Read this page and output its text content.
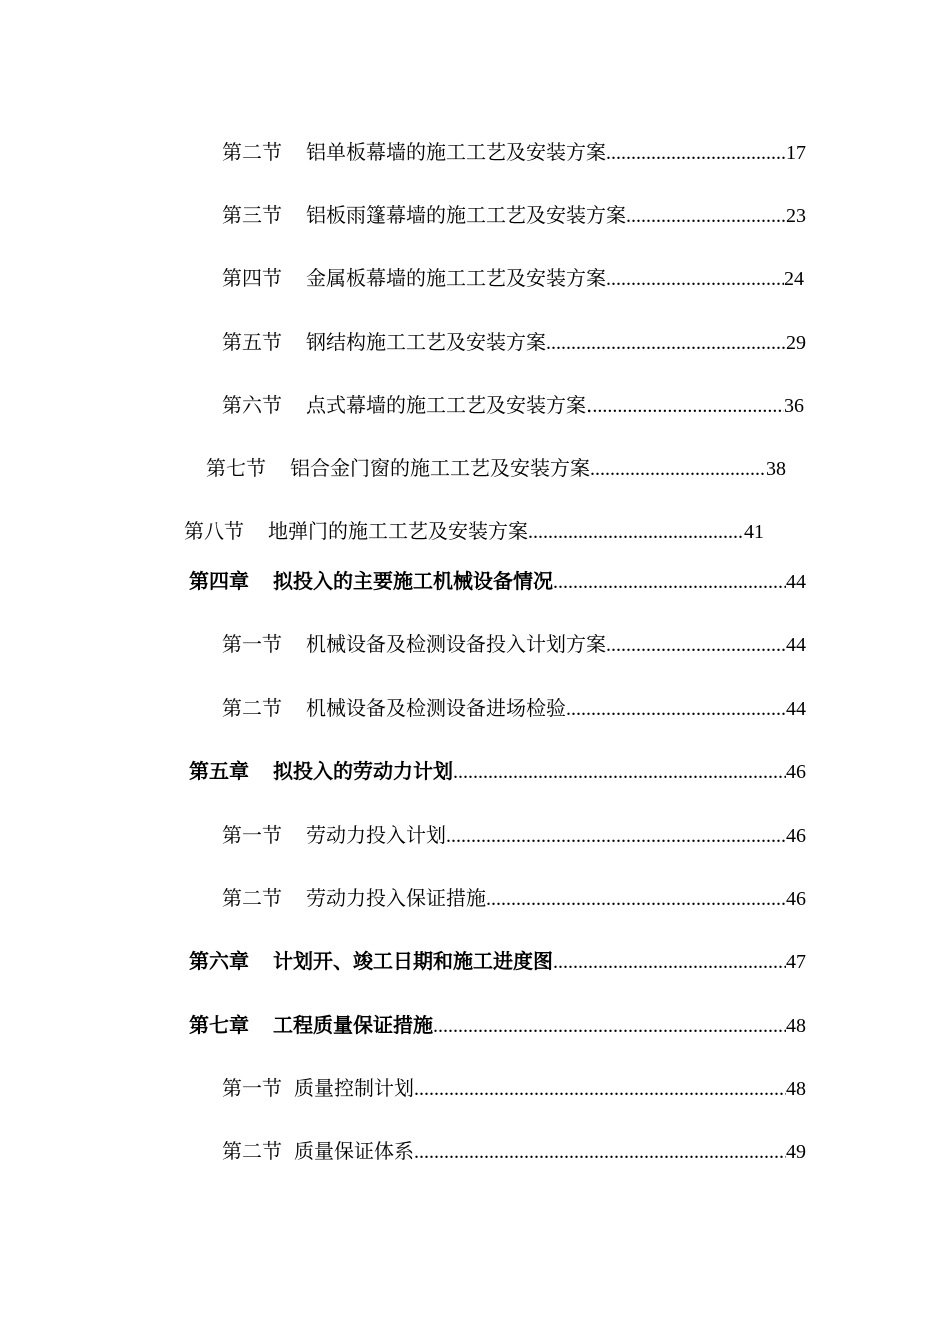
第二节 铝单板幕墙的施工工艺及安装方案 .....	17
第三节 铝板雨篷幕墙的施工工艺及安装方案 .....	23
第四节 金属板幕墙的施工工艺及安装方案 .....	24
第五节 钢结构施工工艺及安装方案 .....	29
第六节 点式幕墙的施工工艺及安装方案. .....	36
第七节 铝合金门窗的施工工艺及安装方案 .....	38
第八节 地弹门的施工工艺及安装方案 .....	41
第四章 拟投入的主要施工机械设备情况 .....	44
第一节 机械设备及检测设备投入计划方案 .....	44
第二节 机械设备及检测设备进场检验 .....	44
第五章 拟投入的劳动力计划 .....	46
第一节 劳动力投入计划 .....	46
第二节 劳动力投入保证措施 .....	46
第六章 计划开、竣工日期和施工进度图 .....	47
第七章 工程质量保证措施 .....	48
第一节 质量控制计划 .....	48
第二节 质量保证体系 .....	49
